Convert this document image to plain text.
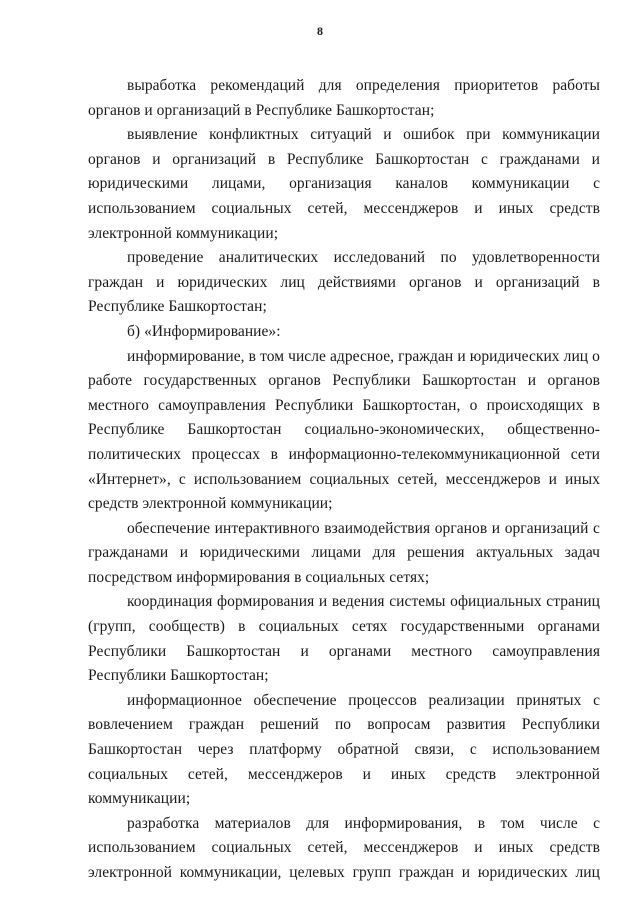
8

выработка рекомендаций для определения приоритетов работы органов и организаций в Республике Башкортостан;

выявление конфликтных ситуаций и ошибок при коммуникации органов и организаций в Республике Башкортостан с гражданами и юридическими лицами, организация каналов коммуникации с использованием социальных сетей, мессенджеров и иных средств электронной коммуникации;

проведение аналитических исследований по удовлетворенности граждан и юридических лиц действиями органов и организаций в Республике Башкортостан;

б) «Информирование»:

информирование, в том числе адресное, граждан и юридических лиц о работе государственных органов Республики Башкортостан и органов местного самоуправления Республики Башкортостан, о происходящих в Республике Башкортостан социально-экономических, общественно-политических процессах в информационно-телекоммуникационной сети «Интернет», с использованием социальных сетей, мессенджеров и иных средств электронной коммуникации;

обеспечение интерактивного взаимодействия органов и организаций с гражданами и юридическими лицами для решения актуальных задач посредством информирования в социальных сетях;

координация формирования и ведения системы официальных страниц (групп, сообществ) в социальных сетях государственными органами Республики Башкортостан и органами местного самоуправления Республики Башкортостан;

информационное обеспечение процессов реализации принятых с вовлечением граждан решений по вопросам развития Республики Башкортостан через платформу обратной связи, с использованием социальных сетей, мессенджеров и иных средств электронной коммуникации;

разработка материалов для информирования, в том числе с использованием социальных сетей, мессенджеров и иных средств электронной коммуникации, целевых групп граждан и юридических лиц
